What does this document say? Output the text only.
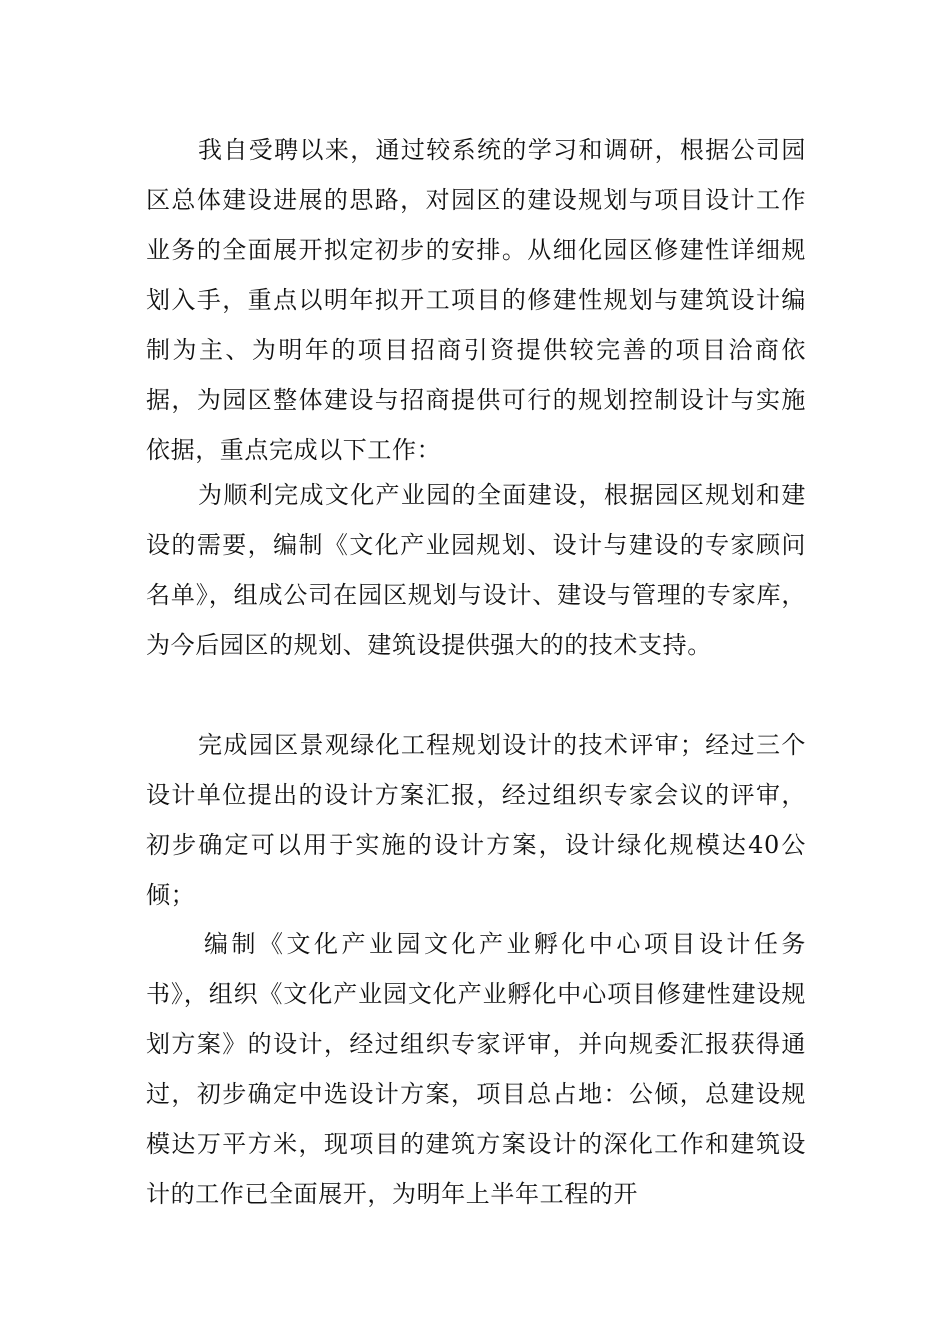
我自受聘以来，通过较系统的学习和调研，根据公司园区总体建设进展的思路，对园区的建设规划与项目设计工作业务的全面展开拟定初步的安排。从细化园区修建性详细规划入手，重点以明年拟开工项目的修建性规划与建筑设计编制为主、为明年的项目招商引资提供较完善的项目洽商依据，为园区整体建设与招商提供可行的规划控制设计与实施依据，重点完成以下工作：

为顺利完成文化产业园的全面建设，根据园区规划和建设的需要，编制《文化产业园规划、设计与建设的专家顾问名单》，组成公司在园区规划与设计、建设与管理的专家库，为今后园区的规划、建筑设提供强大的的技术支持。

完成园区景观绿化工程规划设计的技术评审；经过三个设计单位提出的设计方案汇报，经过组织专家会议的评审，初步确定可以用于实施的设计方案，设计绿化规模达40公倾；

编制《文化产业园文化产业孵化中心项目设计任务书》，组织《文化产业园文化产业孵化中心项目修建性建设规划方案》的设计，经过组织专家评审，并向规委汇报获得通过，初步确定中选设计方案，项目总占地：公倾，总建设规模达万平方米，现项目的建筑方案设计的深化工作和建筑设计的工作已全面展开，为明年上半年工程的开
